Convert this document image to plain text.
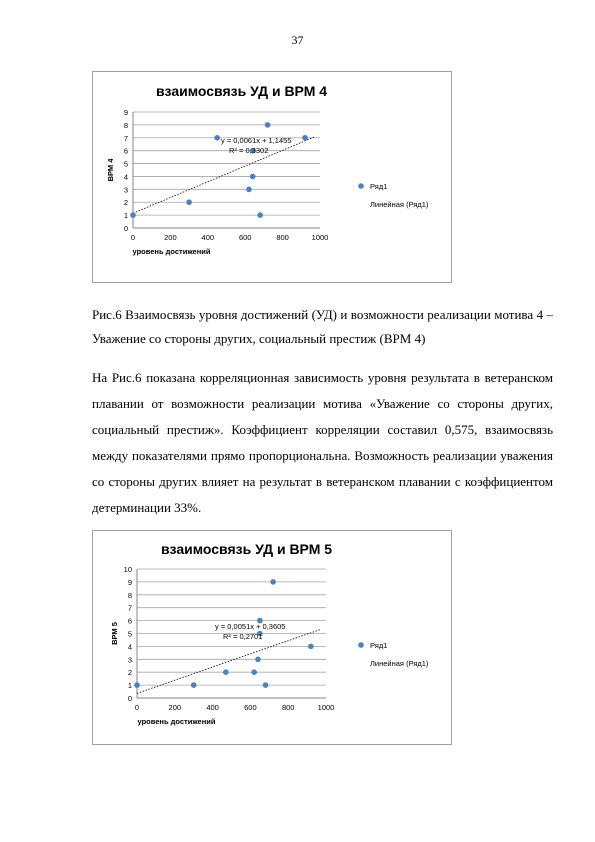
37
взаимосвязь УД и ВРМ 4
0
1
2
3
4
5
6
7
8
9
0	200	400	600	800	1000
уровень достижений
ВРМ 4
y = 0,0061x + 1,1455
R² = 0,3302
Ряд1
Линейная (Ряд1)
Рис.6 Взаимосвязь уровня достижений (УД) и возможности реализации мотива 4 – Уважение со стороны других, социальный престиж (ВРМ 4)
На Рис.6 показана корреляционная зависимость уровня результата в ветеранском плавании от возможности реализации мотива «Уважение со стороны других, социальный престиж». Коэффициент корреляции составил 0,575, взаимосвязь между показателями прямо пропорциональна. Возможность реализации уважения со стороны других влияет на результат в ветеранском плавании с коэффициентом детерминации 33%.
взаимосвязь УД и ВРМ 5
0
1
2
3
4
5
6
7
8
9
10
0	200	400	600	800	1000
уровень достижений
ВРМ 5	y = 0,0051x + 0,3605
R² = 0,2701
Ряд1
Линейная (Ряд1)
